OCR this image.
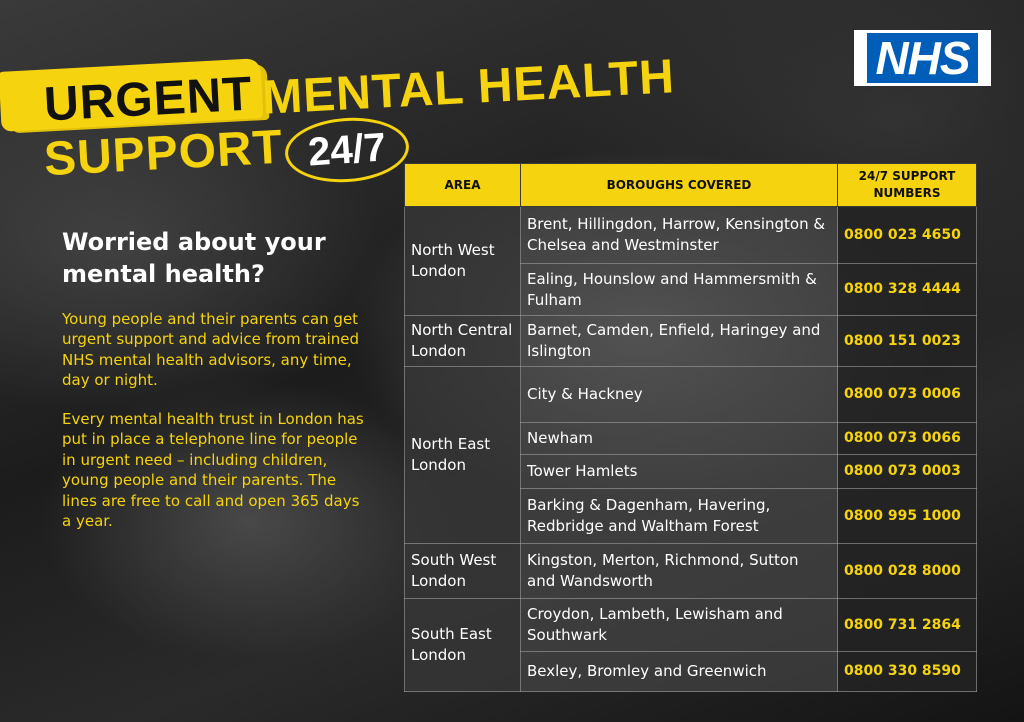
NHS
URGENT MENTAL HEALTH
SUPPORT 24/7
Worried about your mental health?

Young people and their parents can get urgent support and advice from trained NHS mental health advisors, any time, day or night.

Every mental health trust in London has put in place a telephone line for people in urgent need – including children, young people and their parents. The lines are free to call and open 365 days a year.

AREA	BOROUGHS COVERED	24/7 SUPPORT NUMBERS
North West London	Brent, Hillingdon, Harrow, Kensington & Chelsea and Westminster	0800 023 4650
	Ealing, Hounslow and Hammersmith & Fulham	0800 328 4444
North Central London	Barnet, Camden, Enfield, Haringey and Islington	0800 151 0023
North East London	City & Hackney	0800 073 0006
	Newham	0800 073 0066
	Tower Hamlets	0800 073 0003
	Barking & Dagenham, Havering, Redbridge and Waltham Forest	0800 995 1000
South West London	Kingston, Merton, Richmond, Sutton and Wandsworth	0800 028 8000
South East London	Croydon, Lambeth, Lewisham and Southwark	0800 731 2864
	Bexley, Bromley and Greenwich	0800 330 8590
